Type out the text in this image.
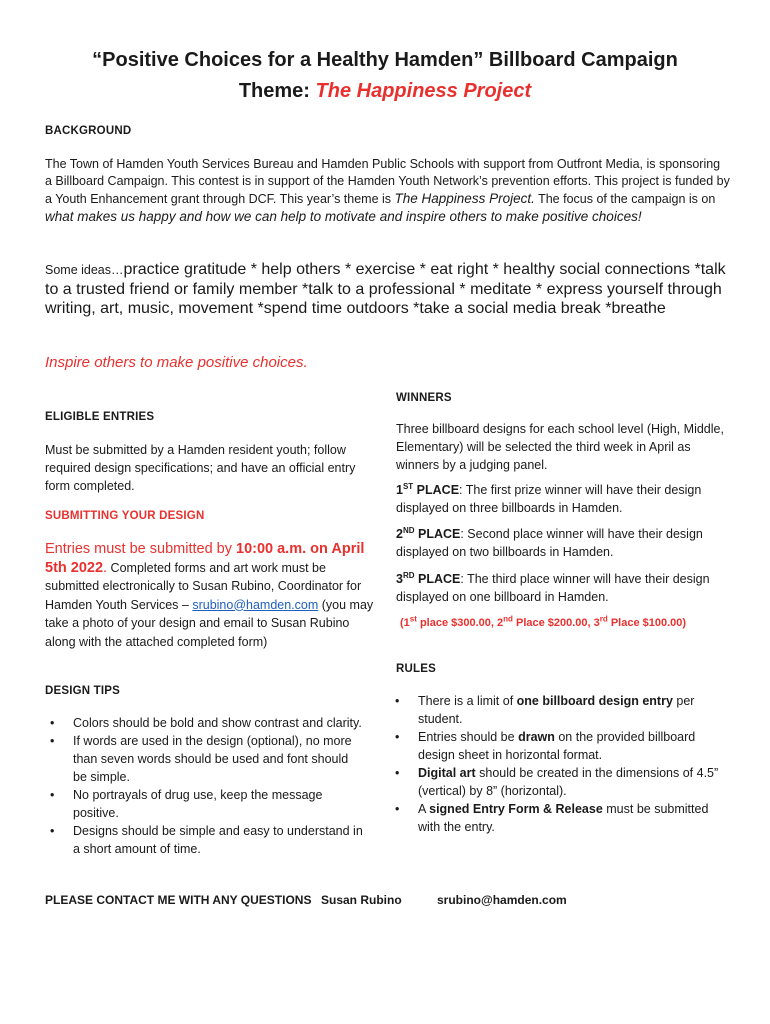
“Positive Choices for a Healthy Hamden” Billboard Campaign
Theme: The Happiness Project
BACKGROUND
The Town of Hamden Youth Services Bureau and Hamden Public Schools with support from Outfront Media, is sponsoring a Billboard Campaign. This contest is in support of the Hamden Youth Network’s prevention efforts. This project is funded by a Youth Enhancement grant through DCF. This year’s theme is The Happiness Project. The focus of the campaign is on what makes us happy and how we can help to motivate and inspire others to make positive choices!
Some ideas…practice gratitude * help others * exercise * eat right * healthy social connections *talk to a trusted friend or family member *talk to a professional * meditate * express yourself through writing, art, music, movement *spend time outdoors *take a social media break *breathe
Inspire others to make positive choices.
ELIGIBLE ENTRIES
Must be submitted by a Hamden resident youth; follow required design specifications; and have an official entry form completed.
SUBMITTING YOUR DESIGN
Entries must be submitted by 10:00 a.m. on April 5th 2022. Completed forms and art work must be submitted electronically to Susan Rubino, Coordinator for Hamden Youth Services – srubino@hamden.com (you may take a photo of your design and email to Susan Rubino along with the attached completed form)
DESIGN TIPS
• Colors should be bold and show contrast and clarity.
• If words are used in the design (optional), no more than seven words should be used and font should be simple.
• No portrayals of drug use, keep the message positive.
• Designs should be simple and easy to understand in a short amount of time.
WINNERS
Three billboard designs for each school level (High, Middle, Elementary) will be selected the third week in April as winners by a judging panel.
1ST PLACE: The first prize winner will have their design displayed on three billboards in Hamden.
2ND PLACE: Second place winner will have their design displayed on two billboards in Hamden.
3RD PLACE: The third place winner will have their design displayed on one billboard in Hamden.
(1st place $300.00, 2nd Place $200.00, 3rd Place $100.00)
RULES
• There is a limit of one billboard design entry per student.
• Entries should be drawn on the provided billboard design sheet in horizontal format.
• Digital art should be created in the dimensions of 4.5” (vertical) by 8” (horizontal).
• A signed Entry Form & Release must be submitted with the entry.
PLEASE CONTACT ME WITH ANY QUESTIONS Susan Rubino	srubino@hamden.com
